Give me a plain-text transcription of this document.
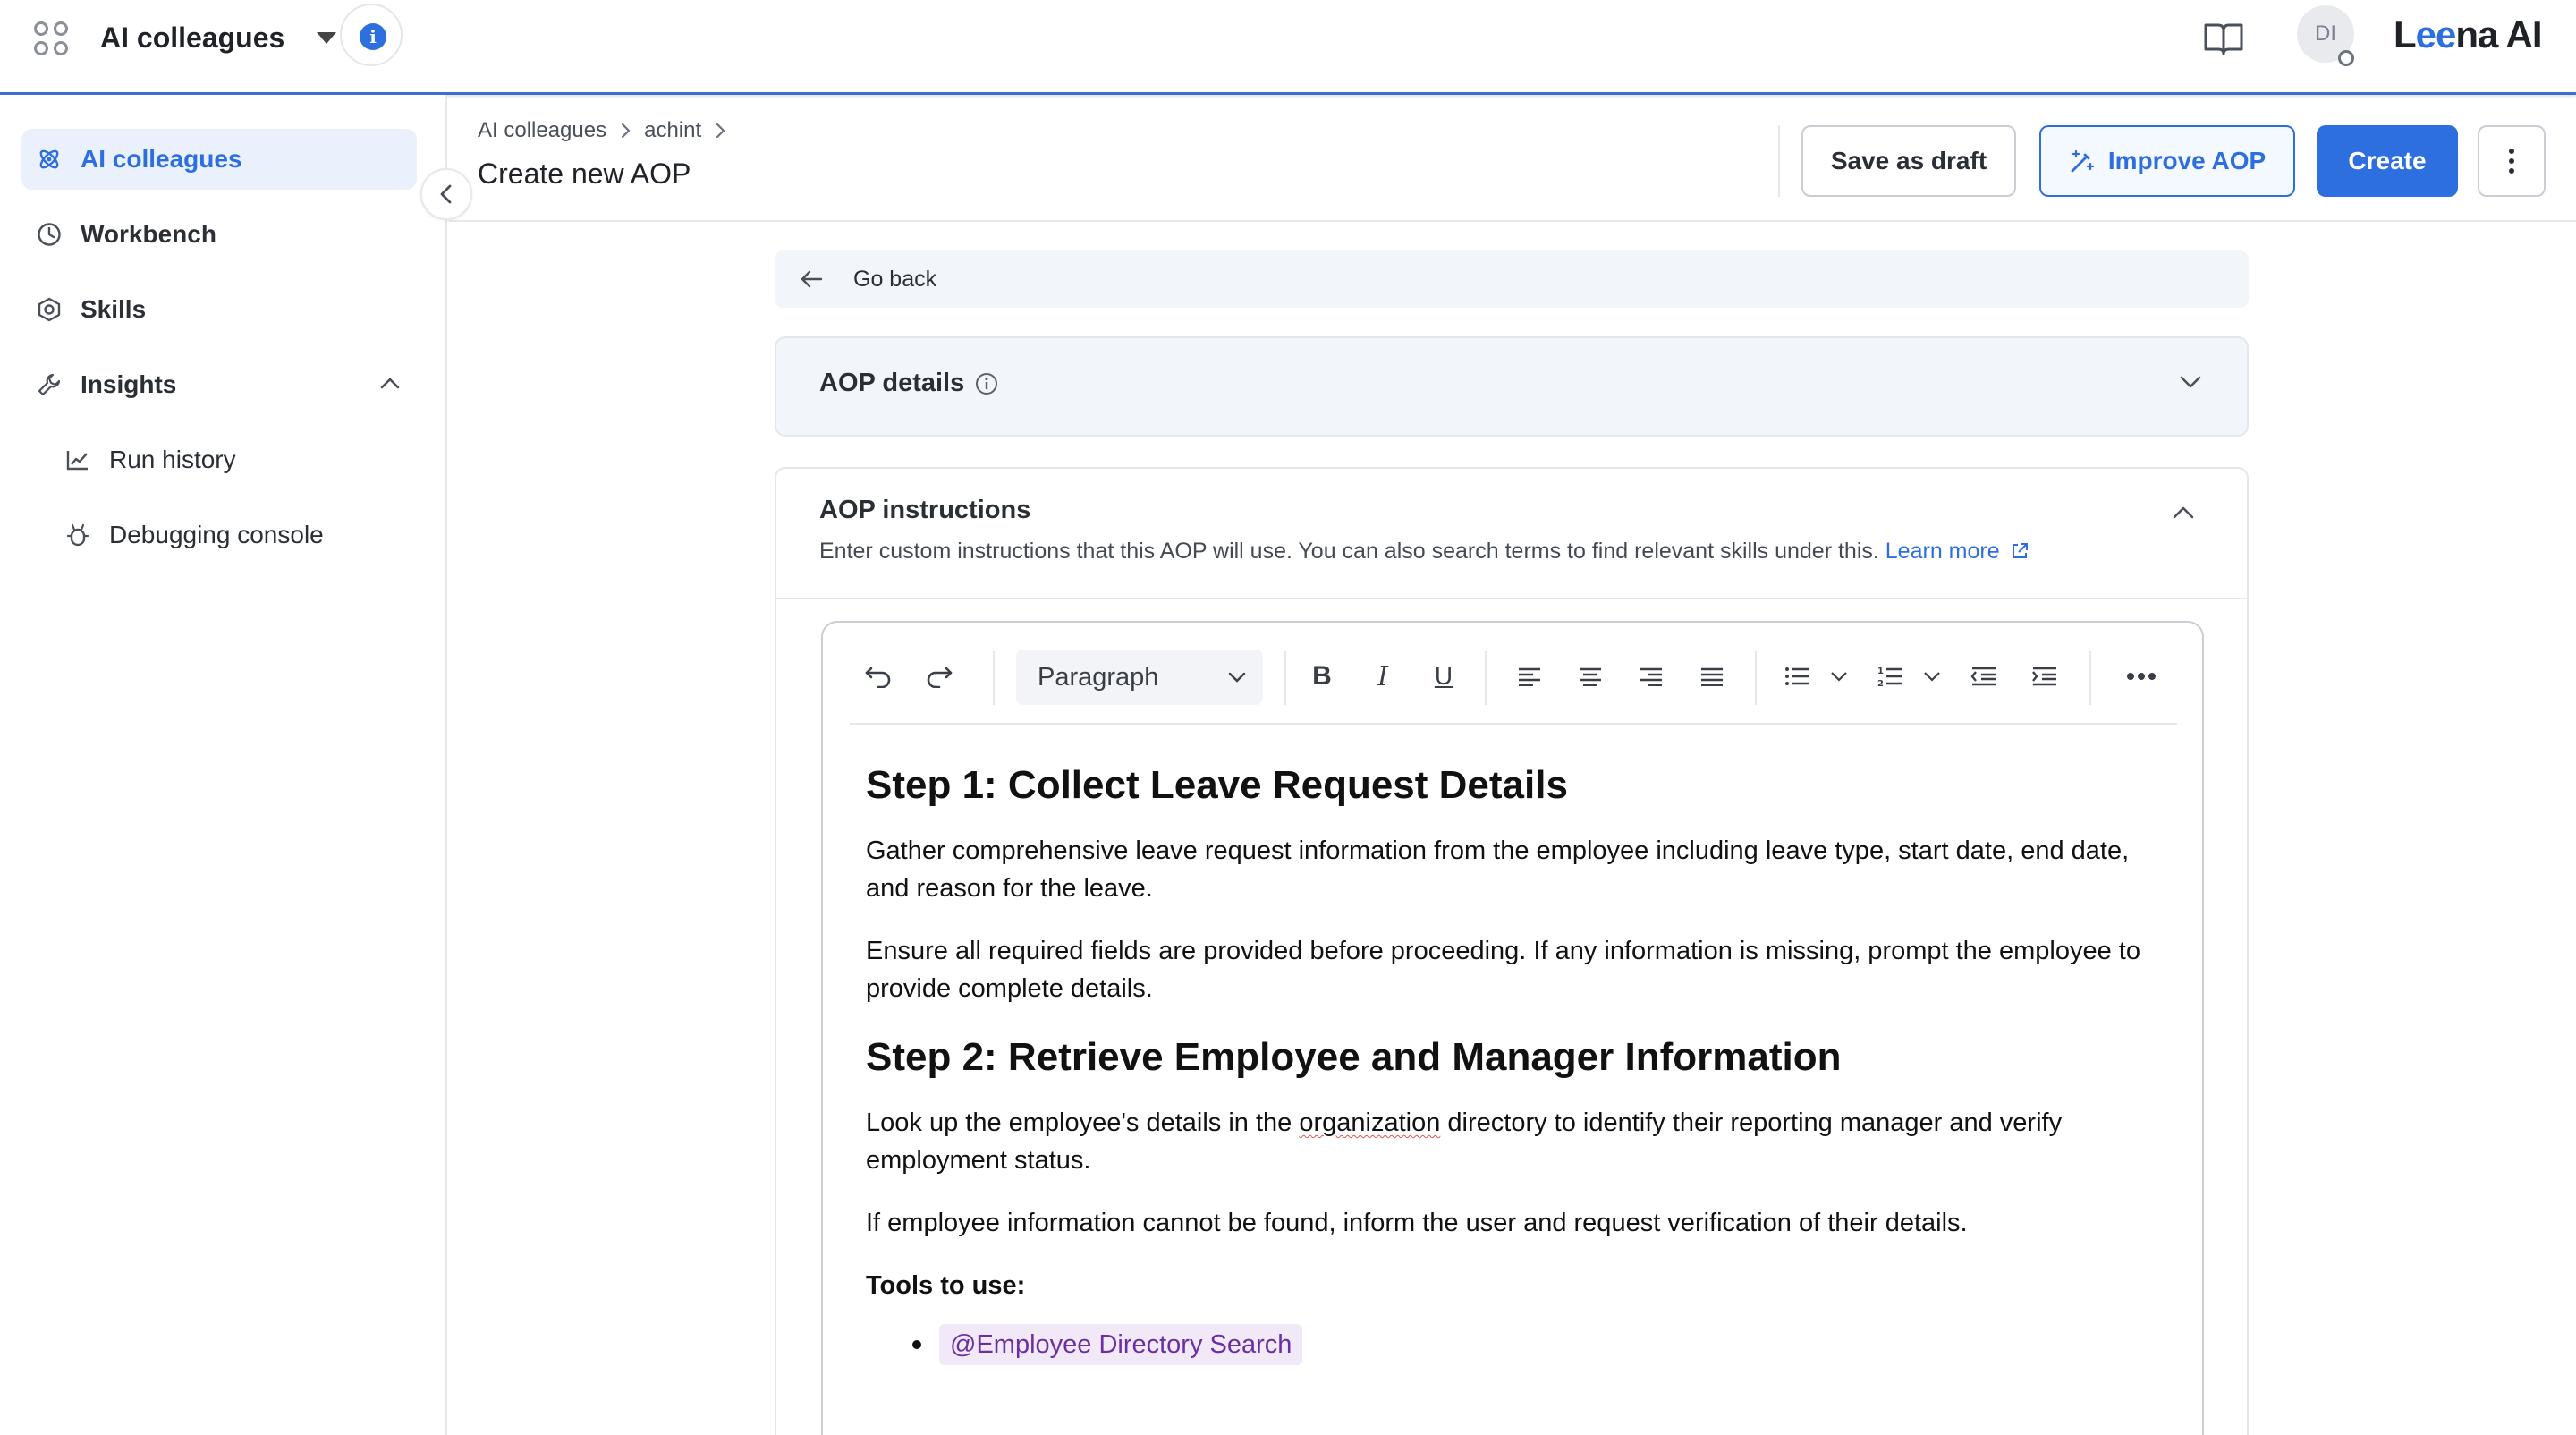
AI colleagues	i	DI	Leena AI
AI colleagues
Workbench
Skills
Insights
Run history
Debugging console
AI colleagues achint
Create new AOP	Save as draft	Improve AOP	Create
Go back
AOP details
AOP instructions
Enter custom instructions that this AOP will use. You can also search terms to find relevant skills under this. Learn more
Paragraph	B	I	U	1
2
Step 1: Collect Leave Request Details

Gather comprehensive leave request information from the employee including leave type, start date, end date, and reason for the leave.

Ensure all required fields are provided before proceeding. If any information is missing, prompt the employee to provide complete details.

Step 2: Retrieve Employee and Manager Information

Look up the employee's details in the organization directory to identify their reporting manager and verify employment status.

If employee information cannot be found, inform the user and request verification of their details.

Tools to use:
@Employee Directory Search
